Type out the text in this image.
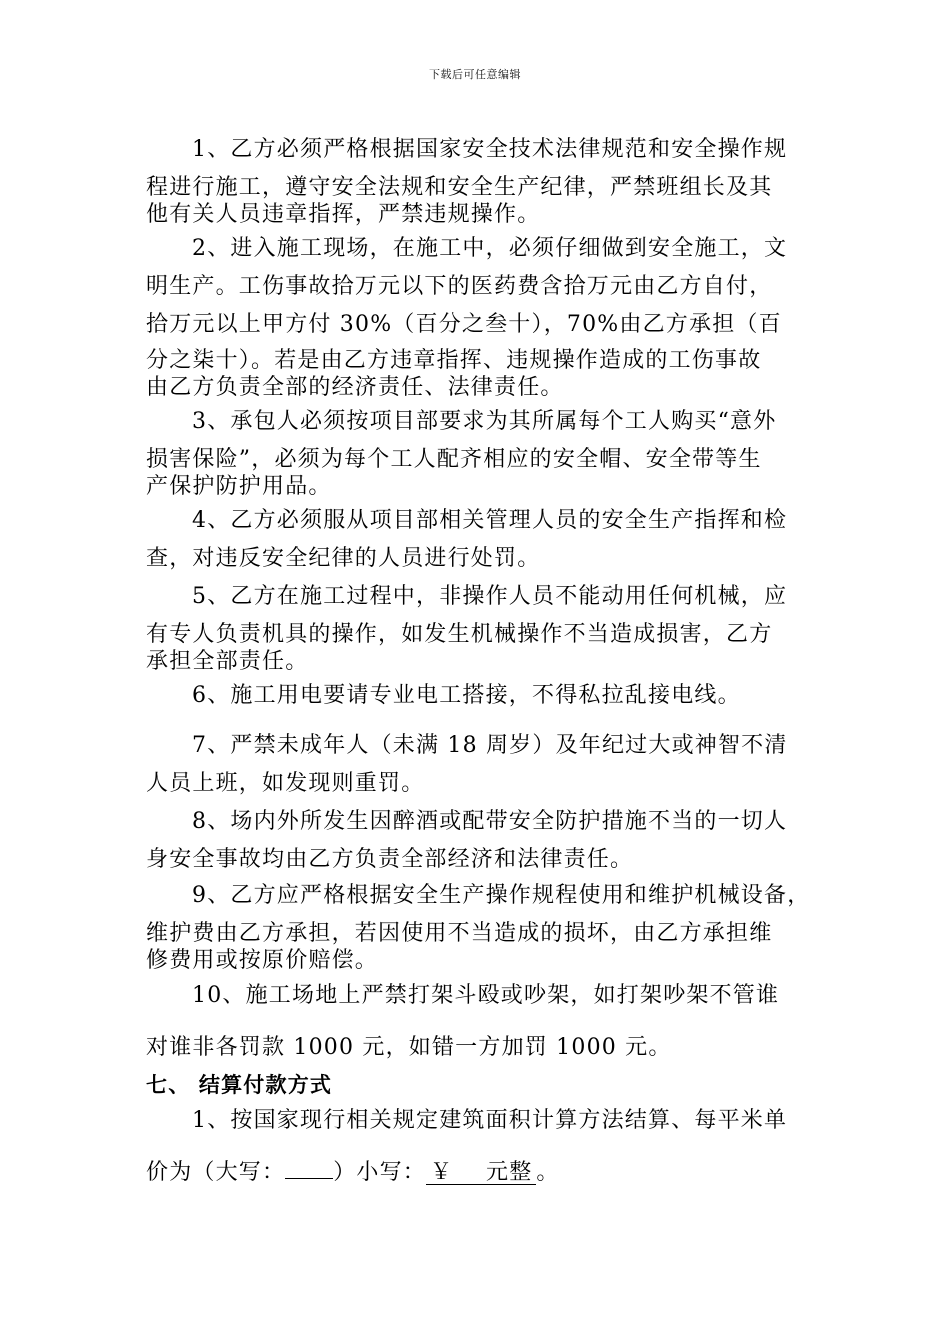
下载后可任意编辑
1、乙方必须严格根据国家安全技术法律规范和安全操作规
程进行施工，遵守安全法规和安全生产纪律，严禁班组长及其
他有关人员违章指挥，严禁违规操作。
2、进入施工现场，在施工中，必须仔细做到安全施工，文
明生产。工伤事故拾万元以下的医药费含拾万元由乙方自付，
拾万元以上甲方付 30%（百分之叁十），70%由乙方承担（百
分之柒十）。若是由乙方违章指挥、违规操作造成的工伤事故
由乙方负责全部的经济责任、法律责任。
3、承包人必须按项目部要求为其所属每个工人购买“意外
损害保险”，必须为每个工人配齐相应的安全帽、安全带等生
产保护防护用品。
4、乙方必须服从项目部相关管理人员的安全生产指挥和检
查，对违反安全纪律的人员进行处罚。
5、乙方在施工过程中，非操作人员不能动用任何机械，应
有专人负责机具的操作，如发生机械操作不当造成损害，乙方
承担全部责任。
6、施工用电要请专业电工搭接，不得私拉乱接电线。
7、严禁未成年人（未满 18 周岁）及年纪过大或神智不清
人员上班，如发现则重罚。
8、场内外所发生因醉酒或配带安全防护措施不当的一切人
身安全事故均由乙方负责全部经济和法律责任。
9、乙方应严格根据安全生产操作规程使用和维护机械设备，
维护费由乙方承担，若因使用不当造成的损坏，由乙方承担维
修费用或按原价赔偿。
10、施工场地上严禁打架斗殴或吵架，如打架吵架不管谁
对谁非各罚款 1000 元，如错一方加罚 1000 元。
七、 结算付款方式
1、按国家现行相关规定建筑面积计算方法结算、每平米单
价为（大写： ）小写： ￥    元整 。
